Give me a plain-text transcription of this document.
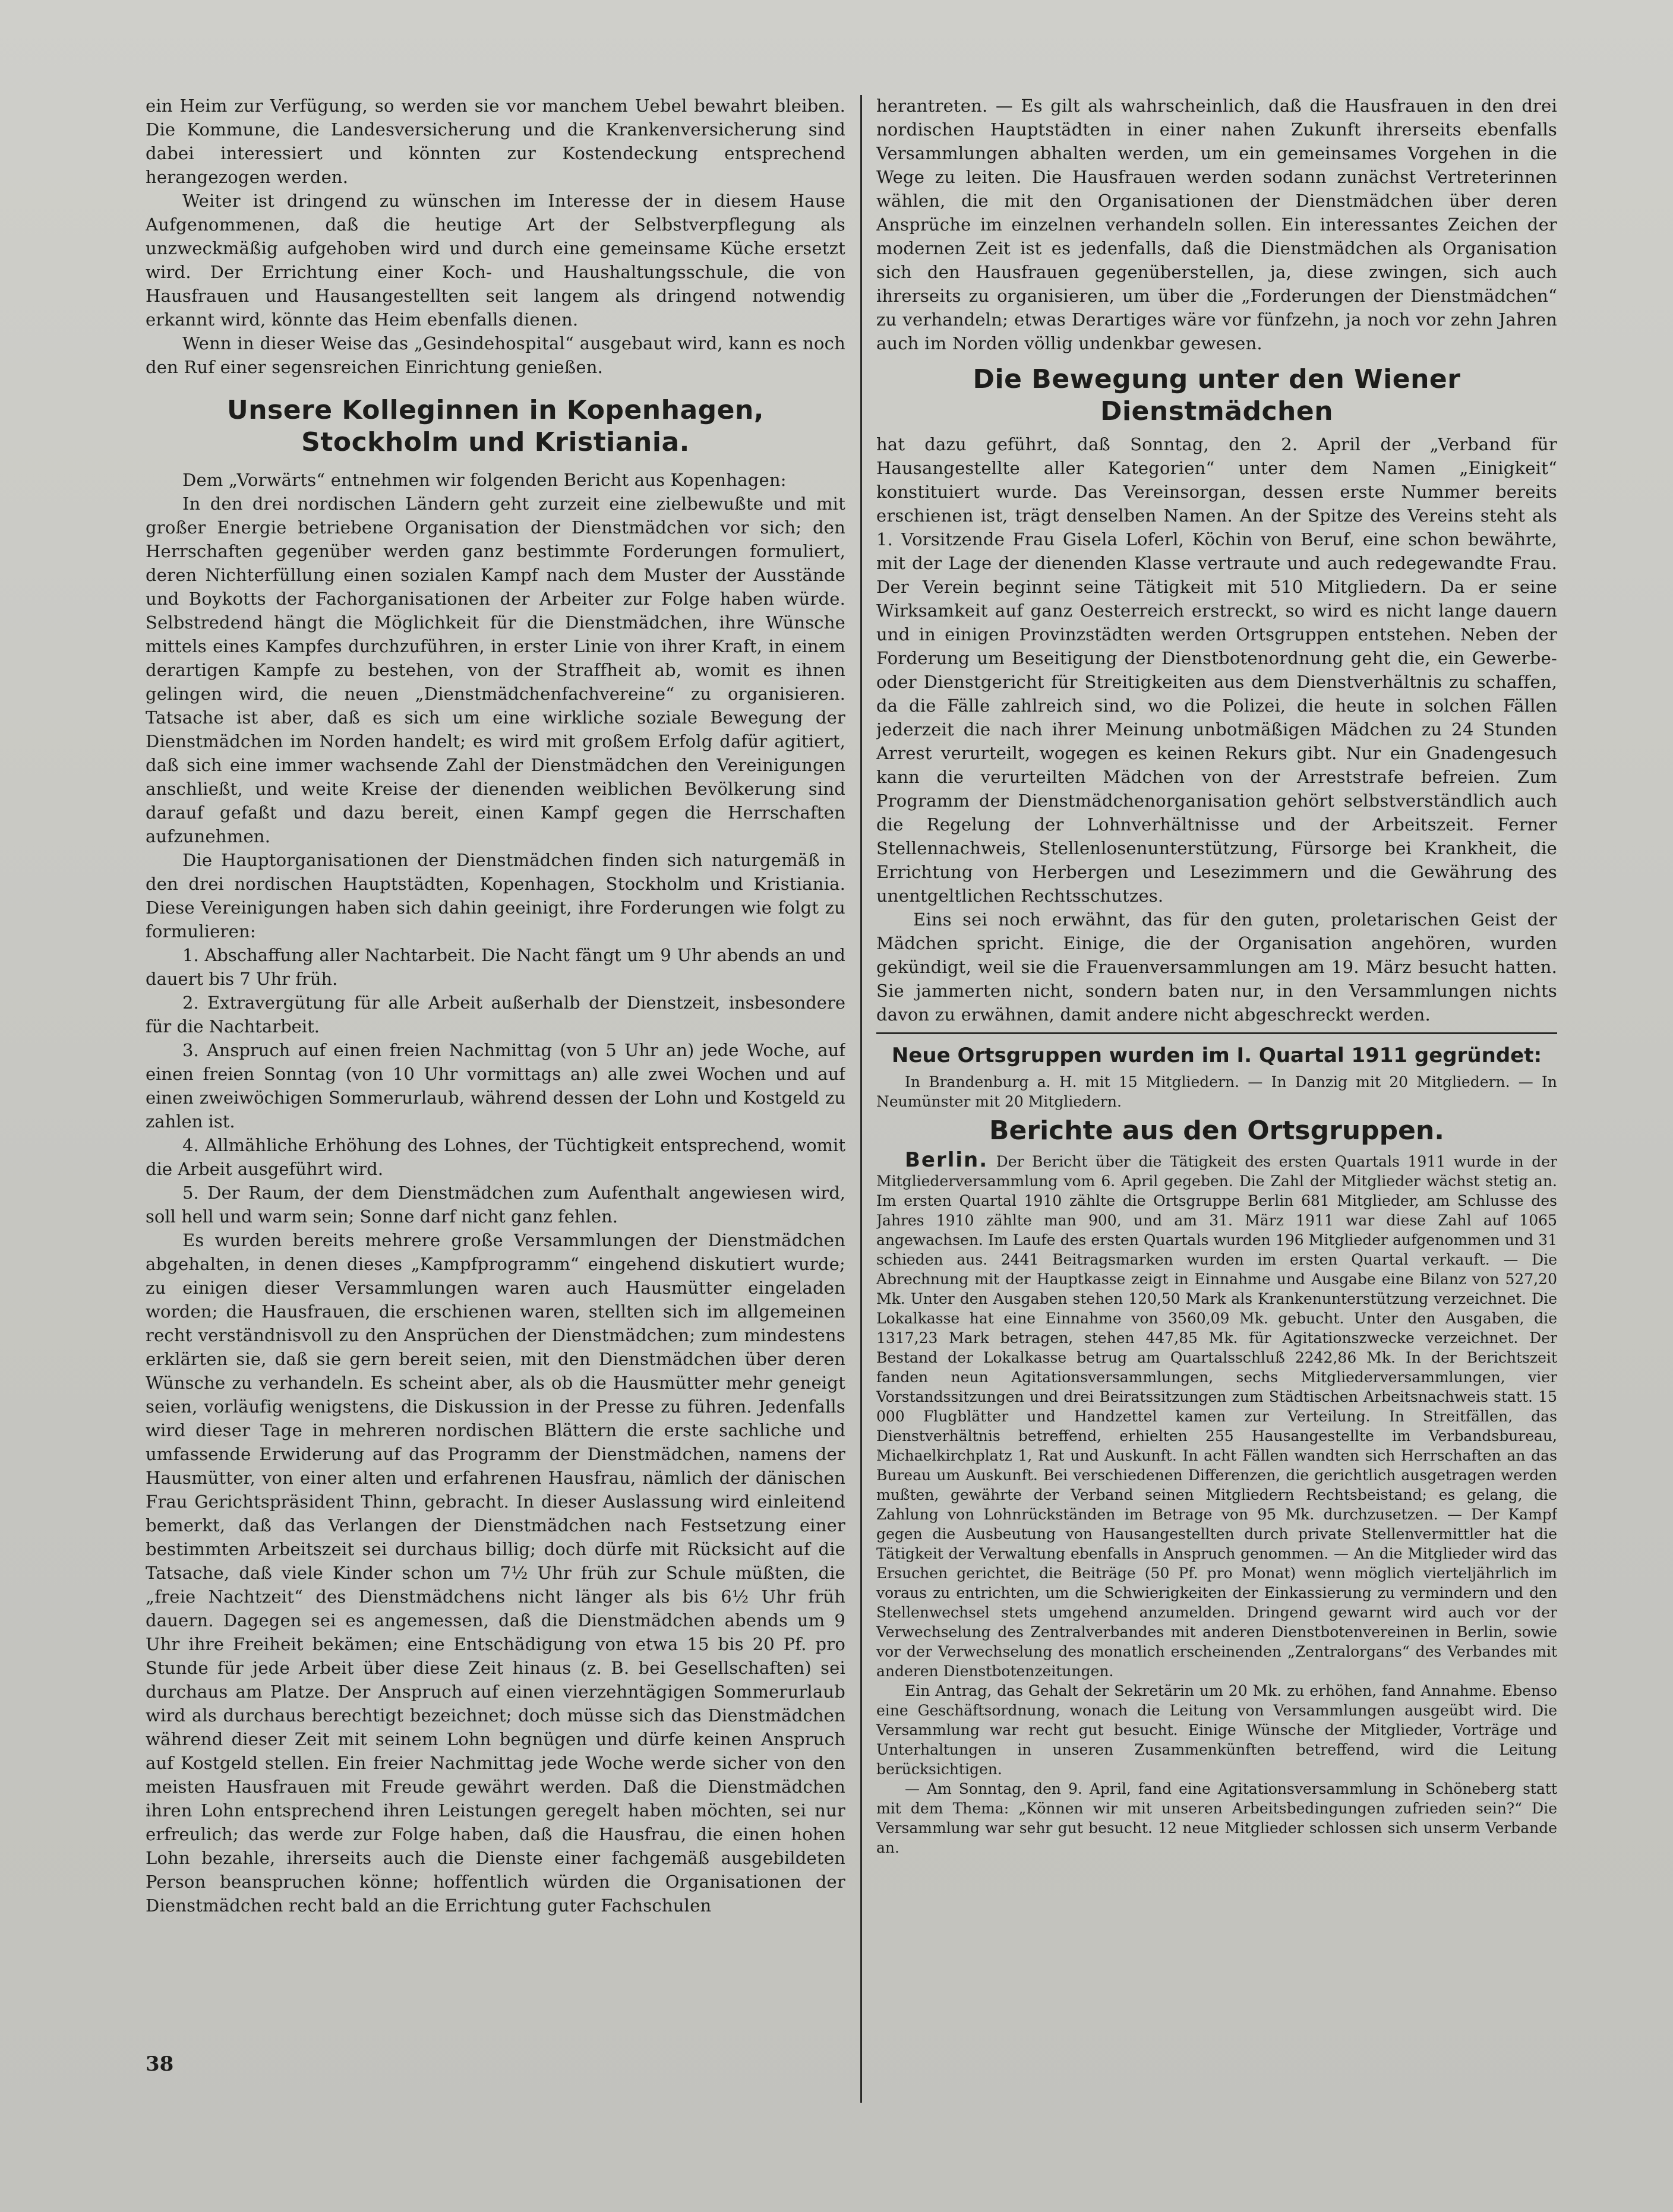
ein Heim zur Verfügung, so werden sie vor manchem Uebel bewahrt bleiben. Die Kommune, die Landesversicherung und die Krankenversicherung sind dabei interessiert und könnten zur Kostendeckung entsprechend herangezogen werden.

Weiter ist dringend zu wünschen im Interesse der in diesem Hause Aufgenommenen, daß die heutige Art der Selbstverpflegung als unzweckmäßig aufgehoben wird und durch eine gemeinsame Küche ersetzt wird. Der Errichtung einer Koch- und Haushaltungsschule, die von Hausfrauen und Hausangestellten seit langem als dringend notwendig erkannt wird, könnte das Heim ebenfalls dienen.

Wenn in dieser Weise das „Gesindehospital“ ausgebaut wird, kann es noch den Ruf einer segensreichen Einrichtung genießen.

Unsere Kolleginnen in Kopenhagen, Stockholm und Kristiania.

Dem „Vorwärts“ entnehmen wir folgenden Bericht aus Kopenhagen:

In den drei nordischen Ländern geht zurzeit eine zielbewußte und mit großer Energie betriebene Organisation der Dienstmädchen vor sich; den Herrschaften gegenüber werden ganz bestimmte Forderungen formuliert, deren Nichterfüllung einen sozialen Kampf nach dem Muster der Ausstände und Boykotts der Fachorganisationen der Arbeiter zur Folge haben würde. Selbstredend hängt die Möglichkeit für die Dienstmädchen, ihre Wünsche mittels eines Kampfes durchzuführen, in erster Linie von ihrer Kraft, in einem derartigen Kampfe zu bestehen, von der Straffheit ab, womit es ihnen gelingen wird, die neuen „Dienstmädchenfachvereine“ zu organisieren. Tatsache ist aber, daß es sich um eine wirkliche soziale Bewegung der Dienstmädchen im Norden handelt; es wird mit großem Erfolg dafür agitiert, daß sich eine immer wachsende Zahl der Dienstmädchen den Vereinigungen anschließt, und weite Kreise der dienenden weiblichen Bevölkerung sind darauf gefaßt und dazu bereit, einen Kampf gegen die Herrschaften aufzunehmen.

Die Hauptorganisationen der Dienstmädchen finden sich naturgemäß in den drei nordischen Hauptstädten, Kopenhagen, Stockholm und Kristiania. Diese Vereinigungen haben sich dahin geeinigt, ihre Forderungen wie folgt zu formulieren:

1. Abschaffung aller Nachtarbeit. Die Nacht fängt um 9 Uhr abends an und dauert bis 7 Uhr früh.

2. Extravergütung für alle Arbeit außerhalb der Dienstzeit, insbesondere für die Nachtarbeit.

3. Anspruch auf einen freien Nachmittag (von 5 Uhr an) jede Woche, auf einen freien Sonntag (von 10 Uhr vormittags an) alle zwei Wochen und auf einen zweiwöchigen Sommerurlaub, während dessen der Lohn und Kostgeld zu zahlen ist.

4. Allmähliche Erhöhung des Lohnes, der Tüchtigkeit entsprechend, womit die Arbeit ausgeführt wird.

5. Der Raum, der dem Dienstmädchen zum Aufenthalt angewiesen wird, soll hell und warm sein; Sonne darf nicht ganz fehlen.

Es wurden bereits mehrere große Versammlungen der Dienstmädchen abgehalten, in denen dieses „Kampfprogramm“ eingehend diskutiert wurde; zu einigen dieser Versammlungen waren auch Hausmütter eingeladen worden; die Hausfrauen, die erschienen waren, stellten sich im allgemeinen recht verständnisvoll zu den Ansprüchen der Dienstmädchen; zum mindestens erklärten sie, daß sie gern bereit seien, mit den Dienstmädchen über deren Wünsche zu verhandeln. Es scheint aber, als ob die Hausmütter mehr geneigt seien, vorläufig wenigstens, die Diskussion in der Presse zu führen. Jedenfalls wird dieser Tage in mehreren nordischen Blättern die erste sachliche und umfassende Erwiderung auf das Programm der Dienstmädchen, namens der Hausmütter, von einer alten und erfahrenen Hausfrau, nämlich der dänischen Frau Gerichtspräsident Thinn, gebracht. In dieser Auslassung wird einleitend bemerkt, daß das Verlangen der Dienstmädchen nach Festsetzung einer bestimmten Arbeitszeit sei durchaus billig; doch dürfe mit Rücksicht auf die Tatsache, daß viele Kinder schon um 7½ Uhr früh zur Schule müßten, die „freie Nachtzeit“ des Dienstmädchens nicht länger als bis 6½ Uhr früh dauern. Dagegen sei es angemessen, daß die Dienstmädchen abends um 9 Uhr ihre Freiheit bekämen; eine Entschädigung von etwa 15 bis 20 Pf. pro Stunde für jede Arbeit über diese Zeit hinaus (z. B. bei Gesellschaften) sei durchaus am Platze. Der Anspruch auf einen vierzehntägigen Sommerurlaub wird als durchaus berechtigt bezeichnet; doch müsse sich das Dienstmädchen während dieser Zeit mit seinem Lohn begnügen und dürfe keinen Anspruch auf Kostgeld stellen. Ein freier Nachmittag jede Woche werde sicher von den meisten Hausfrauen mit Freude gewährt werden. Daß die Dienstmädchen ihren Lohn entsprechend ihren Leistungen geregelt haben möchten, sei nur erfreulich; das werde zur Folge haben, daß die Hausfrau, die einen hohen Lohn bezahle, ihrerseits auch die Dienste einer fachgemäß ausgebildeten Person beanspruchen könne; hoffentlich würden die Organisationen der Dienstmädchen recht bald an die Errichtung guter Fachschulen

herantreten. — Es gilt als wahrscheinlich, daß die Hausfrauen in den drei nordischen Hauptstädten in einer nahen Zukunft ihrerseits ebenfalls Versammlungen abhalten werden, um ein gemeinsames Vorgehen in die Wege zu leiten. Die Hausfrauen werden sodann zunächst Vertreterinnen wählen, die mit den Organisationen der Dienstmädchen über deren Ansprüche im einzelnen verhandeln sollen. Ein interessantes Zeichen der modernen Zeit ist es jedenfalls, daß die Dienstmädchen als Organisation sich den Hausfrauen gegenüberstellen, ja, diese zwingen, sich auch ihrerseits zu organisieren, um über die „Forderungen der Dienstmädchen“ zu verhandeln; etwas Derartiges wäre vor fünfzehn, ja noch vor zehn Jahren auch im Norden völlig undenkbar gewesen.

Die Bewegung unter den Wiener Dienstmädchen

hat dazu geführt, daß Sonntag, den 2. April der „Verband für Hausangestellte aller Kategorien“ unter dem Namen „Einigkeit“ konstituiert wurde. Das Vereinsorgan, dessen erste Nummer bereits erschienen ist, trägt denselben Namen. An der Spitze des Vereins steht als 1. Vorsitzende Frau Gisela Loferl, Köchin von Beruf, eine schon bewährte, mit der Lage der dienenden Klasse vertraute und auch redegewandte Frau. Der Verein beginnt seine Tätigkeit mit 510 Mitgliedern. Da er seine Wirksamkeit auf ganz Oesterreich erstreckt, so wird es nicht lange dauern und in einigen Provinzstädten werden Ortsgruppen entstehen. Neben der Forderung um Beseitigung der Dienstbotenordnung geht die, ein Gewerbe- oder Dienstgericht für Streitigkeiten aus dem Dienstverhältnis zu schaffen, da die Fälle zahlreich sind, wo die Polizei, die heute in solchen Fällen jederzeit die nach ihrer Meinung unbotmäßigen Mädchen zu 24 Stunden Arrest verurteilt, wogegen es keinen Rekurs gibt. Nur ein Gnadengesuch kann die verurteilten Mädchen von der Arreststrafe befreien. Zum Programm der Dienstmädchenorganisation gehört selbstverständlich auch die Regelung der Lohnverhältnisse und der Arbeitszeit. Ferner Stellennachweis, Stellenlosenunterstützung, Fürsorge bei Krankheit, die Errichtung von Herbergen und Lesezimmern und die Gewährung des unentgeltlichen Rechtsschutzes.

Eins sei noch erwähnt, das für den guten, proletarischen Geist der Mädchen spricht. Einige, die der Organisation angehören, wurden gekündigt, weil sie die Frauenversammlungen am 19. März besucht hatten. Sie jammerten nicht, sondern baten nur, in den Versammlungen nichts davon zu erwähnen, damit andere nicht abgeschreckt werden.

Neue Ortsgruppen wurden im I. Quartal 1911 gegründet:

In Brandenburg a. H. mit 15 Mitgliedern. — In Danzig mit 20 Mitgliedern. — In Neumünster mit 20 Mitgliedern.

Berichte aus den Ortsgruppen.

Berlin. Der Bericht über die Tätigkeit des ersten Quartals 1911 wurde in der Mitgliederversammlung vom 6. April gegeben. Die Zahl der Mitglieder wächst stetig an. Im ersten Quartal 1910 zählte die Ortsgruppe Berlin 681 Mitglieder, am Schlusse des Jahres 1910 zählte man 900, und am 31. März 1911 war diese Zahl auf 1065 angewachsen. Im Laufe des ersten Quartals wurden 196 Mitglieder aufgenommen und 31 schieden aus. 2441 Beitragsmarken wurden im ersten Quartal verkauft. — Die Abrechnung mit der Hauptkasse zeigt in Einnahme und Ausgabe eine Bilanz von 527,20 Mk. Unter den Ausgaben stehen 120,50 Mark als Krankenunterstützung verzeichnet. Die Lokalkasse hat eine Einnahme von 3560,09 Mk. gebucht. Unter den Ausgaben, die 1317,23 Mark betragen, stehen 447,85 Mk. für Agitationszwecke verzeichnet. Der Bestand der Lokalkasse betrug am Quartalsschluß 2242,86 Mk. In der Berichtszeit fanden neun Agitationsversammlungen, sechs Mitgliederversammlungen, vier Vorstandssitzungen und drei Beiratssitzungen zum Städtischen Arbeitsnachweis statt. 15 000 Flugblätter und Handzettel kamen zur Verteilung. In Streitfällen, das Dienstverhältnis betreffend, erhielten 255 Hausangestellte im Verbandsbureau, Michaelkirchplatz 1, Rat und Auskunft. In acht Fällen wandten sich Herrschaften an das Bureau um Auskunft. Bei verschiedenen Differenzen, die gerichtlich ausgetragen werden mußten, gewährte der Verband seinen Mitgliedern Rechtsbeistand; es gelang, die Zahlung von Lohnrückständen im Betrage von 95 Mk. durchzusetzen. — Der Kampf gegen die Ausbeutung von Hausangestellten durch private Stellenvermittler hat die Tätigkeit der Verwaltung ebenfalls in Anspruch genommen. — An die Mitglieder wird das Ersuchen gerichtet, die Beiträge (50 Pf. pro Monat) wenn möglich vierteljährlich im voraus zu entrichten, um die Schwierigkeiten der Einkassierung zu vermindern und den Stellenwechsel stets umgehend anzumelden. Dringend gewarnt wird auch vor der Verwechselung des Zentralverbandes mit anderen Dienstbotenvereinen in Berlin, sowie vor der Verwechselung des monatlich erscheinenden „Zentralorgans“ des Verbandes mit anderen Dienstbotenzeitungen.

Ein Antrag, das Gehalt der Sekretärin um 20 Mk. zu erhöhen, fand Annahme. Ebenso eine Geschäftsordnung, wonach die Leitung von Versammlungen ausgeübt wird. Die Versammlung war recht gut besucht. Einige Wünsche der Mitglieder, Vorträge und Unterhaltungen in unseren Zusammenkünften betreffend, wird die Leitung berücksichtigen.

— Am Sonntag, den 9. April, fand eine Agitationsversammlung in Schöneberg statt mit dem Thema: „Können wir mit unseren Arbeitsbedingungen zufrieden sein?“ Die Versammlung war sehr gut besucht. 12 neue Mitglieder schlossen sich unserm Verbande an.

38
